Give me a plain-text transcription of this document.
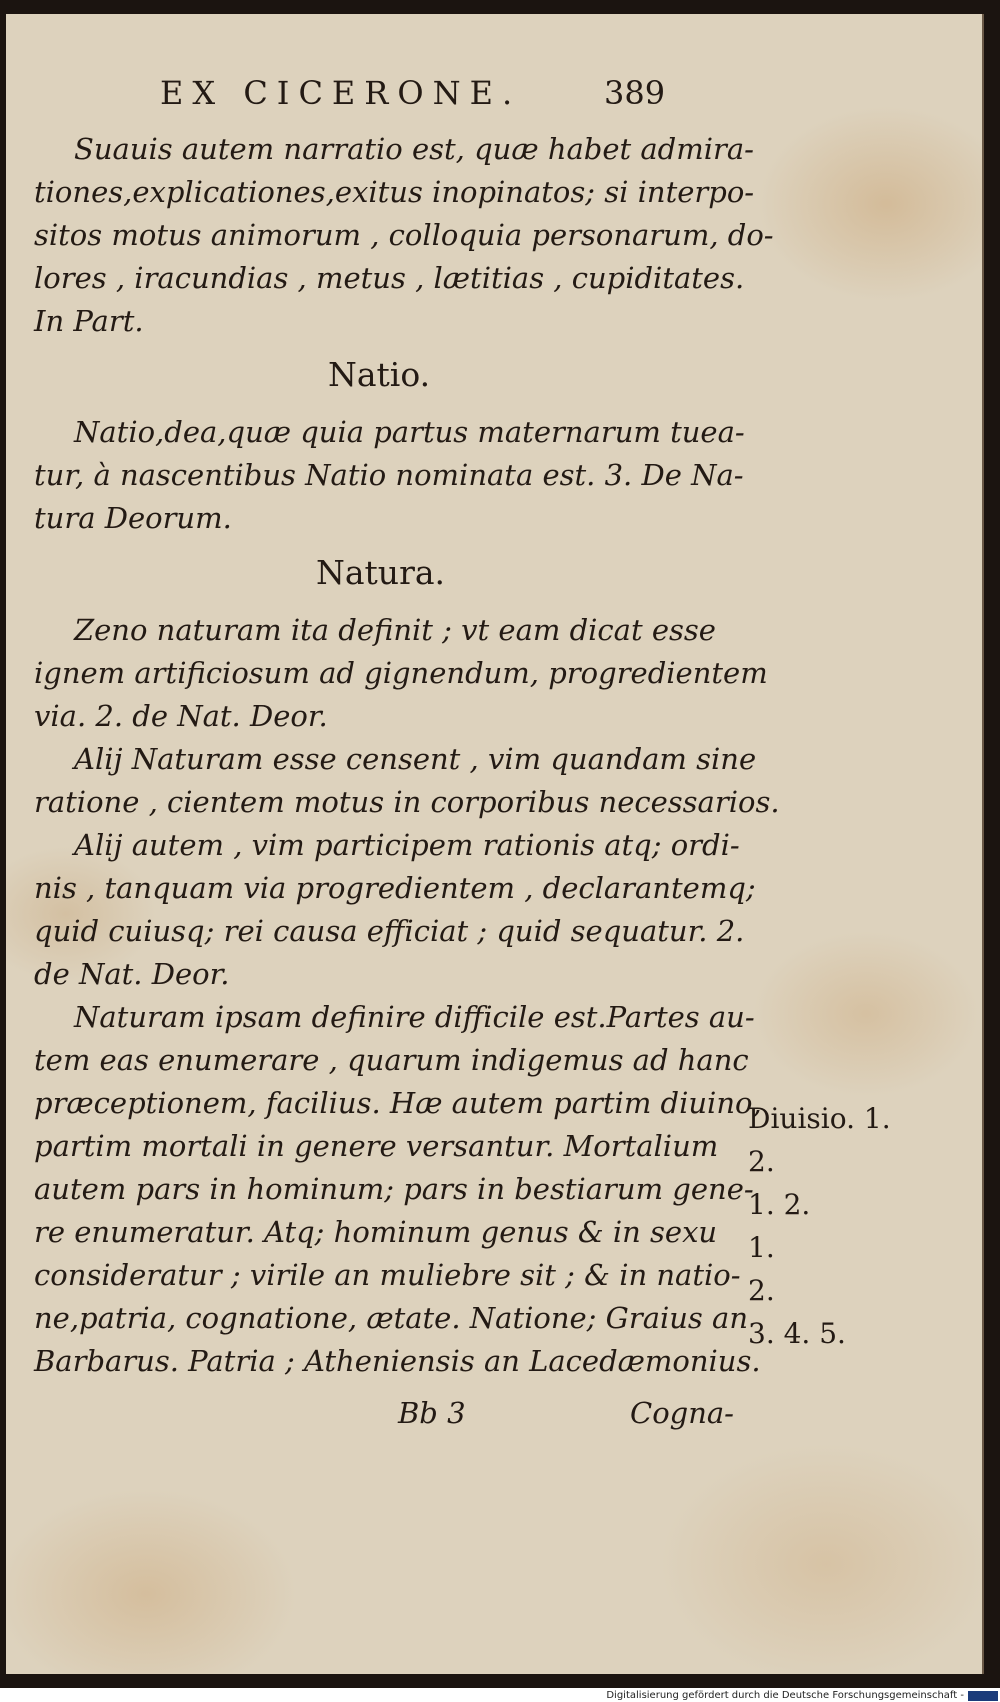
EX CICERONE.	389
Suauis autem narratio est, quæ habet admira-
tiones,explicationes,exitus inopinatos; si interpo-
sitos motus animorum , colloquia personarum, do-
lores , iracundias , metus , lætitias , cupiditates.
In Part.
Natio.
Natio,dea,quæ quia partus maternarum tuea-
tur, à nascentibus Natio nominata est. 3. De Na-
tura Deorum.
Natura.
Zeno naturam ita definit ; vt eam dicat esse
ignem artificiosum ad gignendum, progredientem
via. 2. de Nat. Deor.
Alij Naturam esse censent , vim quandam sine
ratione , cientem motus in corporibus necessarios.
Alij autem , vim participem rationis atq; ordi-
nis , tanquam via progredientem , declarantemq;
quid cuiusq; rei causa efficiat ; quid sequatur. 2.
de Nat. Deor.
Naturam ipsam definire difficile est.Partes au-
tem eas enumerare , quarum indigemus ad hanc
præceptionem, facilius. Hæ autem partim diuino,
partim mortali in genere versantur. Mortalium
autem pars in hominum; pars in bestiarum gene-
re enumeratur. Atq; hominum genus & in sexu
consideratur ; virile an muliebre sit ; & in natio-
ne,patria, cognatione, ætate. Natione; Graius an
Barbarus. Patria ; Atheniensis an Lacedæmonius.
Diuisio. 1.
2.
1. 2.
1.
2.
3. 4. 5.
Bb 3	Cogna-
Digitalisierung gefördert durch die Deutsche Forschungsgemeinschaft -
